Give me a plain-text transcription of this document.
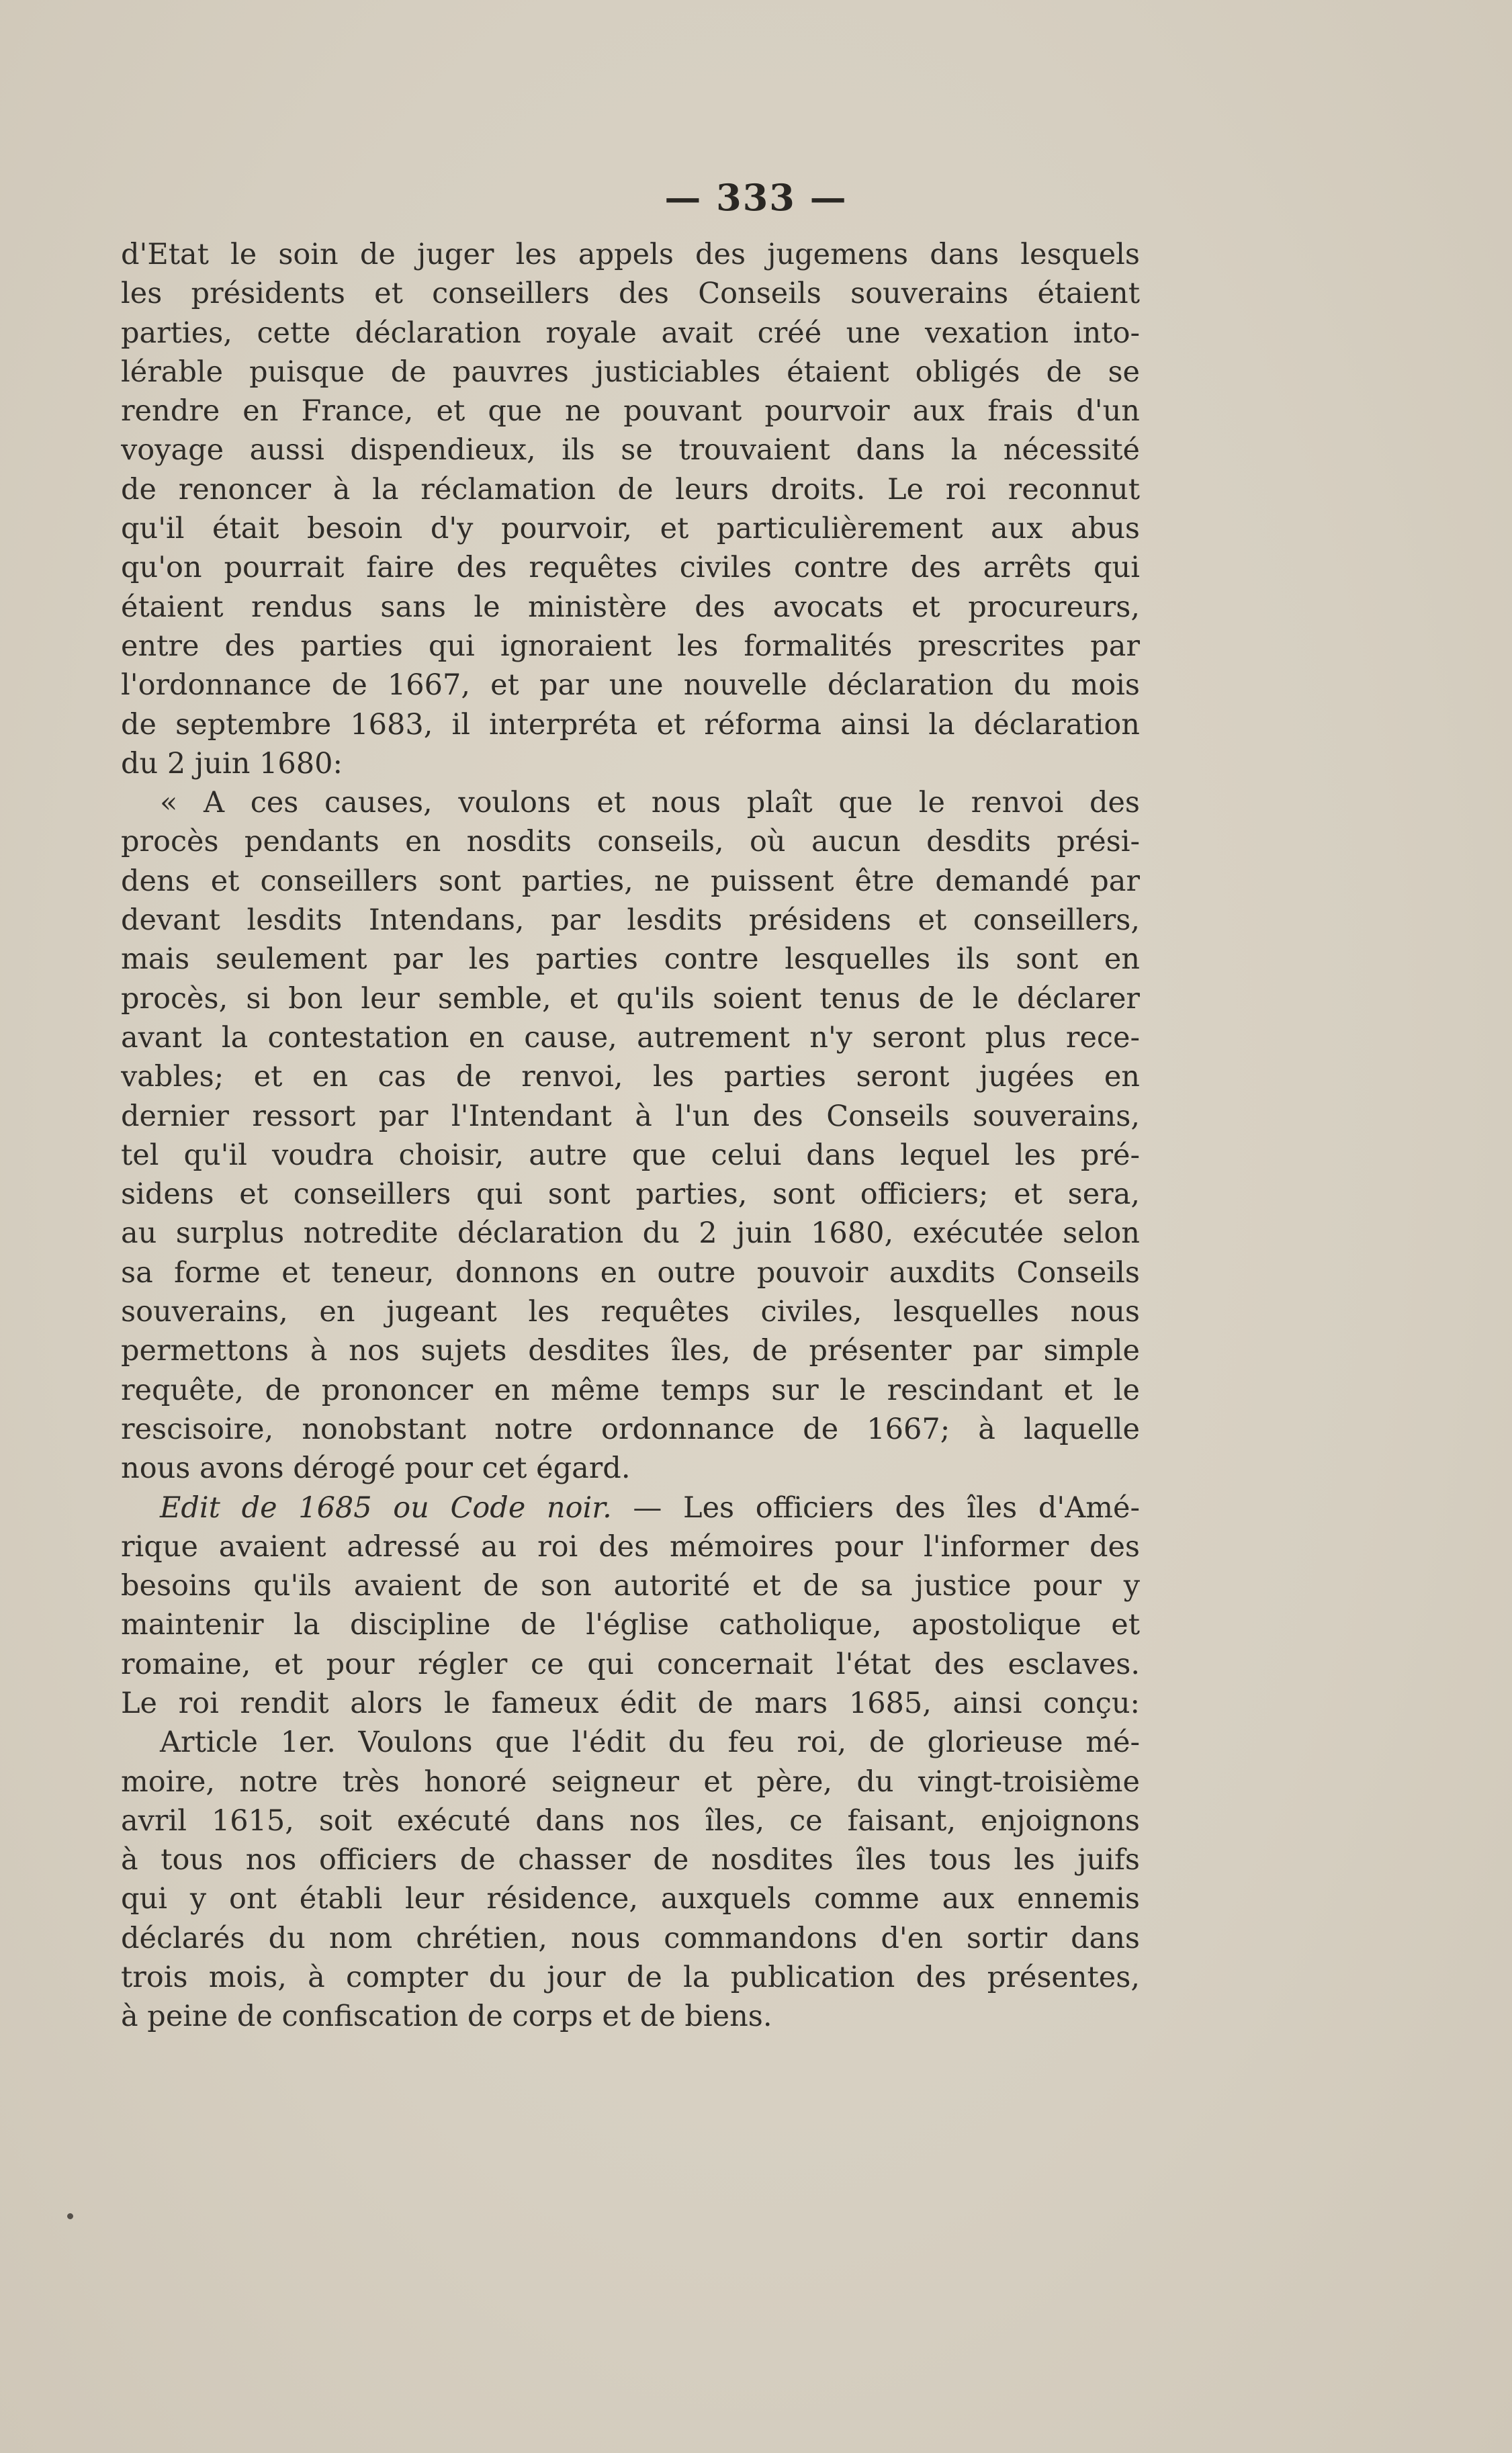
— 333 —

d'Etat le soin de juger les appels des jugemens dans lesquels

les présidents et conseillers des Conseils souverains étaient

parties, cette déclaration royale avait créé une vexation into-

lérable puisque de pauvres justiciables étaient obligés de se

rendre en France, et que ne pouvant pourvoir aux frais d'un

voyage aussi dispendieux, ils se trouvaient dans la nécessité

de renoncer à la réclamation de leurs droits. Le roi reconnut

qu'il était besoin d'y pourvoir, et particulièrement aux abus

qu'on pourrait faire des requêtes civiles contre des arrêts qui

étaient rendus sans le ministère des avocats et procureurs,

entre des parties qui ignoraient les formalités prescrites par

l'ordonnance de 1667, et par une nouvelle déclaration du mois

de septembre 1683, il interpréta et réforma ainsi la déclaration

du 2 juin 1680:

« A ces causes, voulons et nous plaît que le renvoi des

procès pendants en nosdits conseils, où aucun desdits prési-

dens et conseillers sont parties, ne puissent être demandé par

devant lesdits Intendans, par lesdits présidens et conseillers,

mais seulement par les parties contre lesquelles ils sont en

procès, si bon leur semble, et qu'ils soient tenus de le déclarer

avant la contestation en cause, autrement n'y seront plus rece-

vables; et en cas de renvoi, les parties seront jugées en

dernier ressort par l'Intendant à l'un des Conseils souverains,

tel qu'il voudra choisir, autre que celui dans lequel les pré-

sidens et conseillers qui sont parties, sont officiers; et sera,

au surplus notredite déclaration du 2 juin 1680, exécutée selon

sa forme et teneur, donnons en outre pouvoir auxdits Conseils

souverains, en jugeant les requêtes civiles, lesquelles nous

permettons à nos sujets desdites îles, de présenter par simple

requête, de prononcer en même temps sur le rescindant et le

rescisoire, nonobstant notre ordonnance de 1667; à laquelle

nous avons dérogé pour cet égard.

Edit de 1685 ou Code noir. — Les officiers des îles d'Amé-

rique avaient adressé au roi des mémoires pour l'informer des

besoins qu'ils avaient de son autorité et de sa justice pour y

maintenir la discipline de l'église catholique, apostolique et

romaine, et pour régler ce qui concernait l'état des esclaves.

Le roi rendit alors le fameux édit de mars 1685, ainsi conçu:

Article 1er. Voulons que l'édit du feu roi, de glorieuse mé-

moire, notre très honoré seigneur et père, du vingt-troisième

avril 1615, soit exécuté dans nos îles, ce faisant, enjoignons

à tous nos officiers de chasser de nosdites îles tous les juifs

qui y ont établi leur résidence, auxquels comme aux ennemis

déclarés du nom chrétien, nous commandons d'en sortir dans

trois mois, à compter du jour de la publication des présentes,

à peine de confiscation de corps et de biens.
